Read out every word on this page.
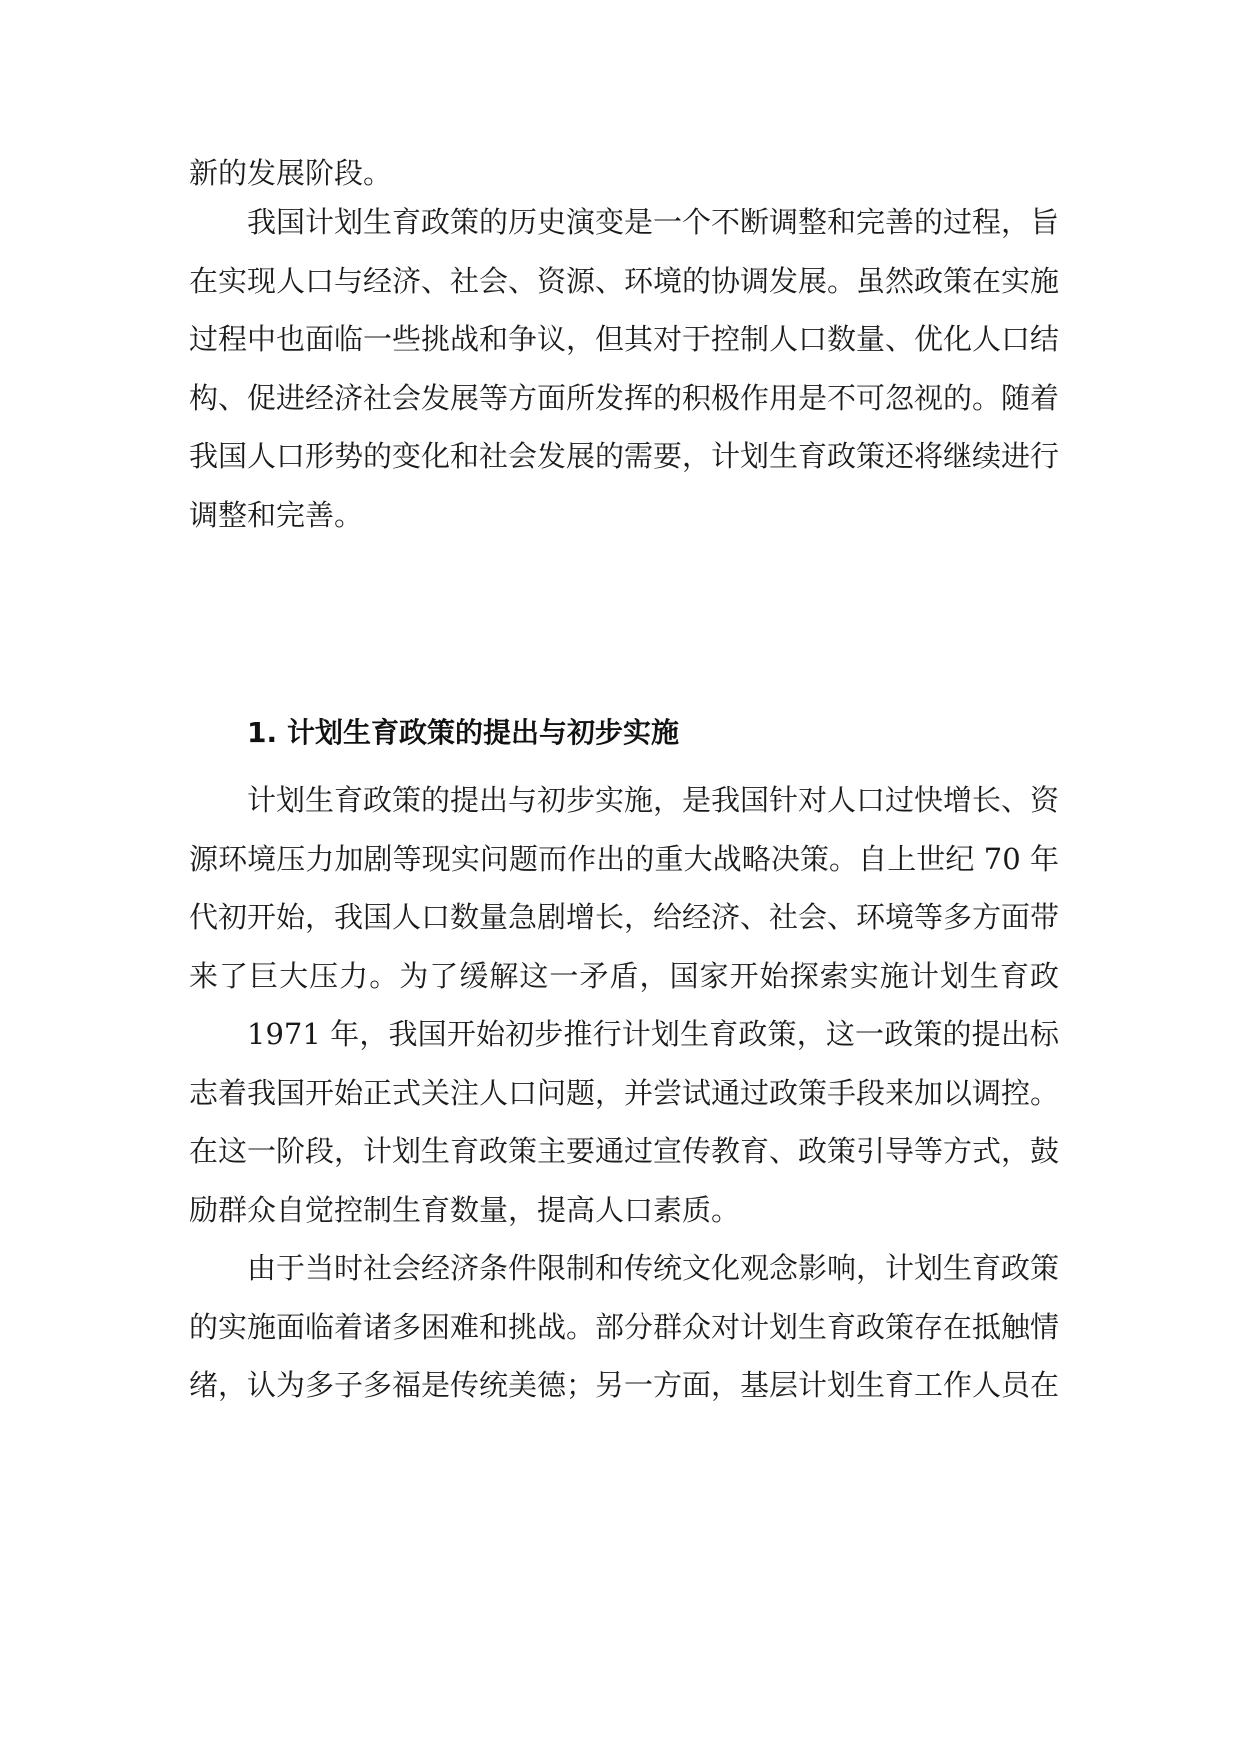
新的发展阶段。
我国计划生育政策的历史演变是一个不断调整和完善的过程，旨
在实现人口与经济、社会、资源、环境的协调发展。虽然政策在实施
过程中也面临一些挑战和争议，但其对于控制人口数量、优化人口结
构、促进经济社会发展等方面所发挥的积极作用是不可忽视的。随着
我国人口形势的变化和社会发展的需要，计划生育政策还将继续进行
调整和完善。
1. 计划生育政策的提出与初步实施
计划生育政策的提出与初步实施，是我国针对人口过快增长、资
源环境压力加剧等现实问题而作出的重大战略决策。自上世纪 70 年
代初开始，我国人口数量急剧增长，给经济、社会、环境等多方面带
来了巨大压力。为了缓解这一矛盾，国家开始探索实施计划生育政
1971 年，我国开始初步推行计划生育政策，这一政策的提出标
志着我国开始正式关注人口问题，并尝试通过政策手段来加以调控。
在这一阶段，计划生育政策主要通过宣传教育、政策引导等方式，鼓
励群众自觉控制生育数量，提高人口素质。
由于当时社会经济条件限制和传统文化观念影响，计划生育政策
的实施面临着诸多困难和挑战。部分群众对计划生育政策存在抵触情
绪，认为多子多福是传统美德；另一方面，基层计划生育工作人员在
